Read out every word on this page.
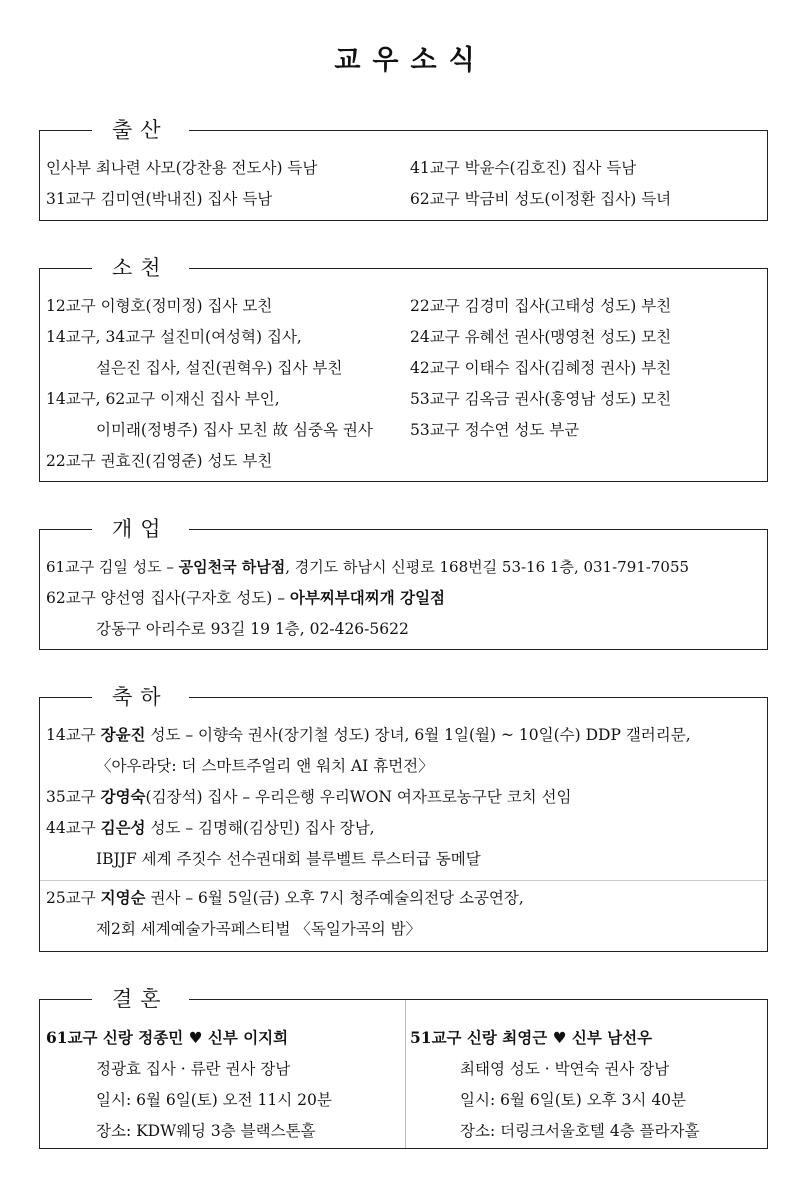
교우소식
출산
인사부 최나련 사모(강찬용 전도사) 득남
31교구 김미연(박내진) 집사 득남
41교구 박윤수(김호진) 집사 득남
62교구 박금비 성도(이정환 집사) 득녀
소천
12교구 이형호(정미정) 집사 모친
14교구, 34교구 설진미(여성혁) 집사,
설은진 집사, 설진(권혁우) 집사 부친
14교구, 62교구 이재신 집사 부인,
이미래(정병주) 집사 모친 故 심중옥 권사
22교구 권효진(김영준) 성도 부친
22교구 김경미 집사(고태성 성도) 부친
24교구 유혜선 권사(맹영천 성도) 모친
42교구 이태수 집사(김혜정 권사) 부친
53교구 김옥금 권사(홍영남 성도) 모친
53교구 정수연 성도 부군
개업
61교구 김일 성도 – 공임천국 하남점, 경기도 하남시 신평로 168번길 53-16 1층, 031-791-7055
62교구 양선영 집사(구자호 성도) – 아부찌부대찌개 강일점
강동구 아리수로 93길 19 1층, 02-426-5622
축하
14교구 장윤진 성도 – 이향숙 권사(장기철 성도) 장녀, 6월 1일(월) ~ 10일(수) DDP 갤러리문,
〈아우라닷: 더 스마트주얼리 앤 워치 AI 휴먼전〉
35교구 강영숙(김장석) 집사 – 우리은행 우리WON 여자프로농구단 코치 선임
44교구 김은성 성도 – 김명해(김상민) 집사 장남,
IBJJF 세계 주짓수 선수권대회 블루벨트 루스터급 동메달
25교구 지영순 권사 – 6월 5일(금) 오후 7시 청주예술의전당 소공연장,
제2회 세계예술가곡페스티벌 〈독일가곡의 밤〉
결혼
61교구 신랑 정종민 ♥ 신부 이지희
정광효 집사 · 류란 권사 장남
일시: 6월 6일(토) 오전 11시 20분
장소: KDW웨딩 3층 블랙스톤홀
51교구 신랑 최영근 ♥ 신부 남선우
최태영 성도 · 박연숙 권사 장남
일시: 6월 6일(토) 오후 3시 40분
장소: 더링크서울호텔 4층 플라자홀
